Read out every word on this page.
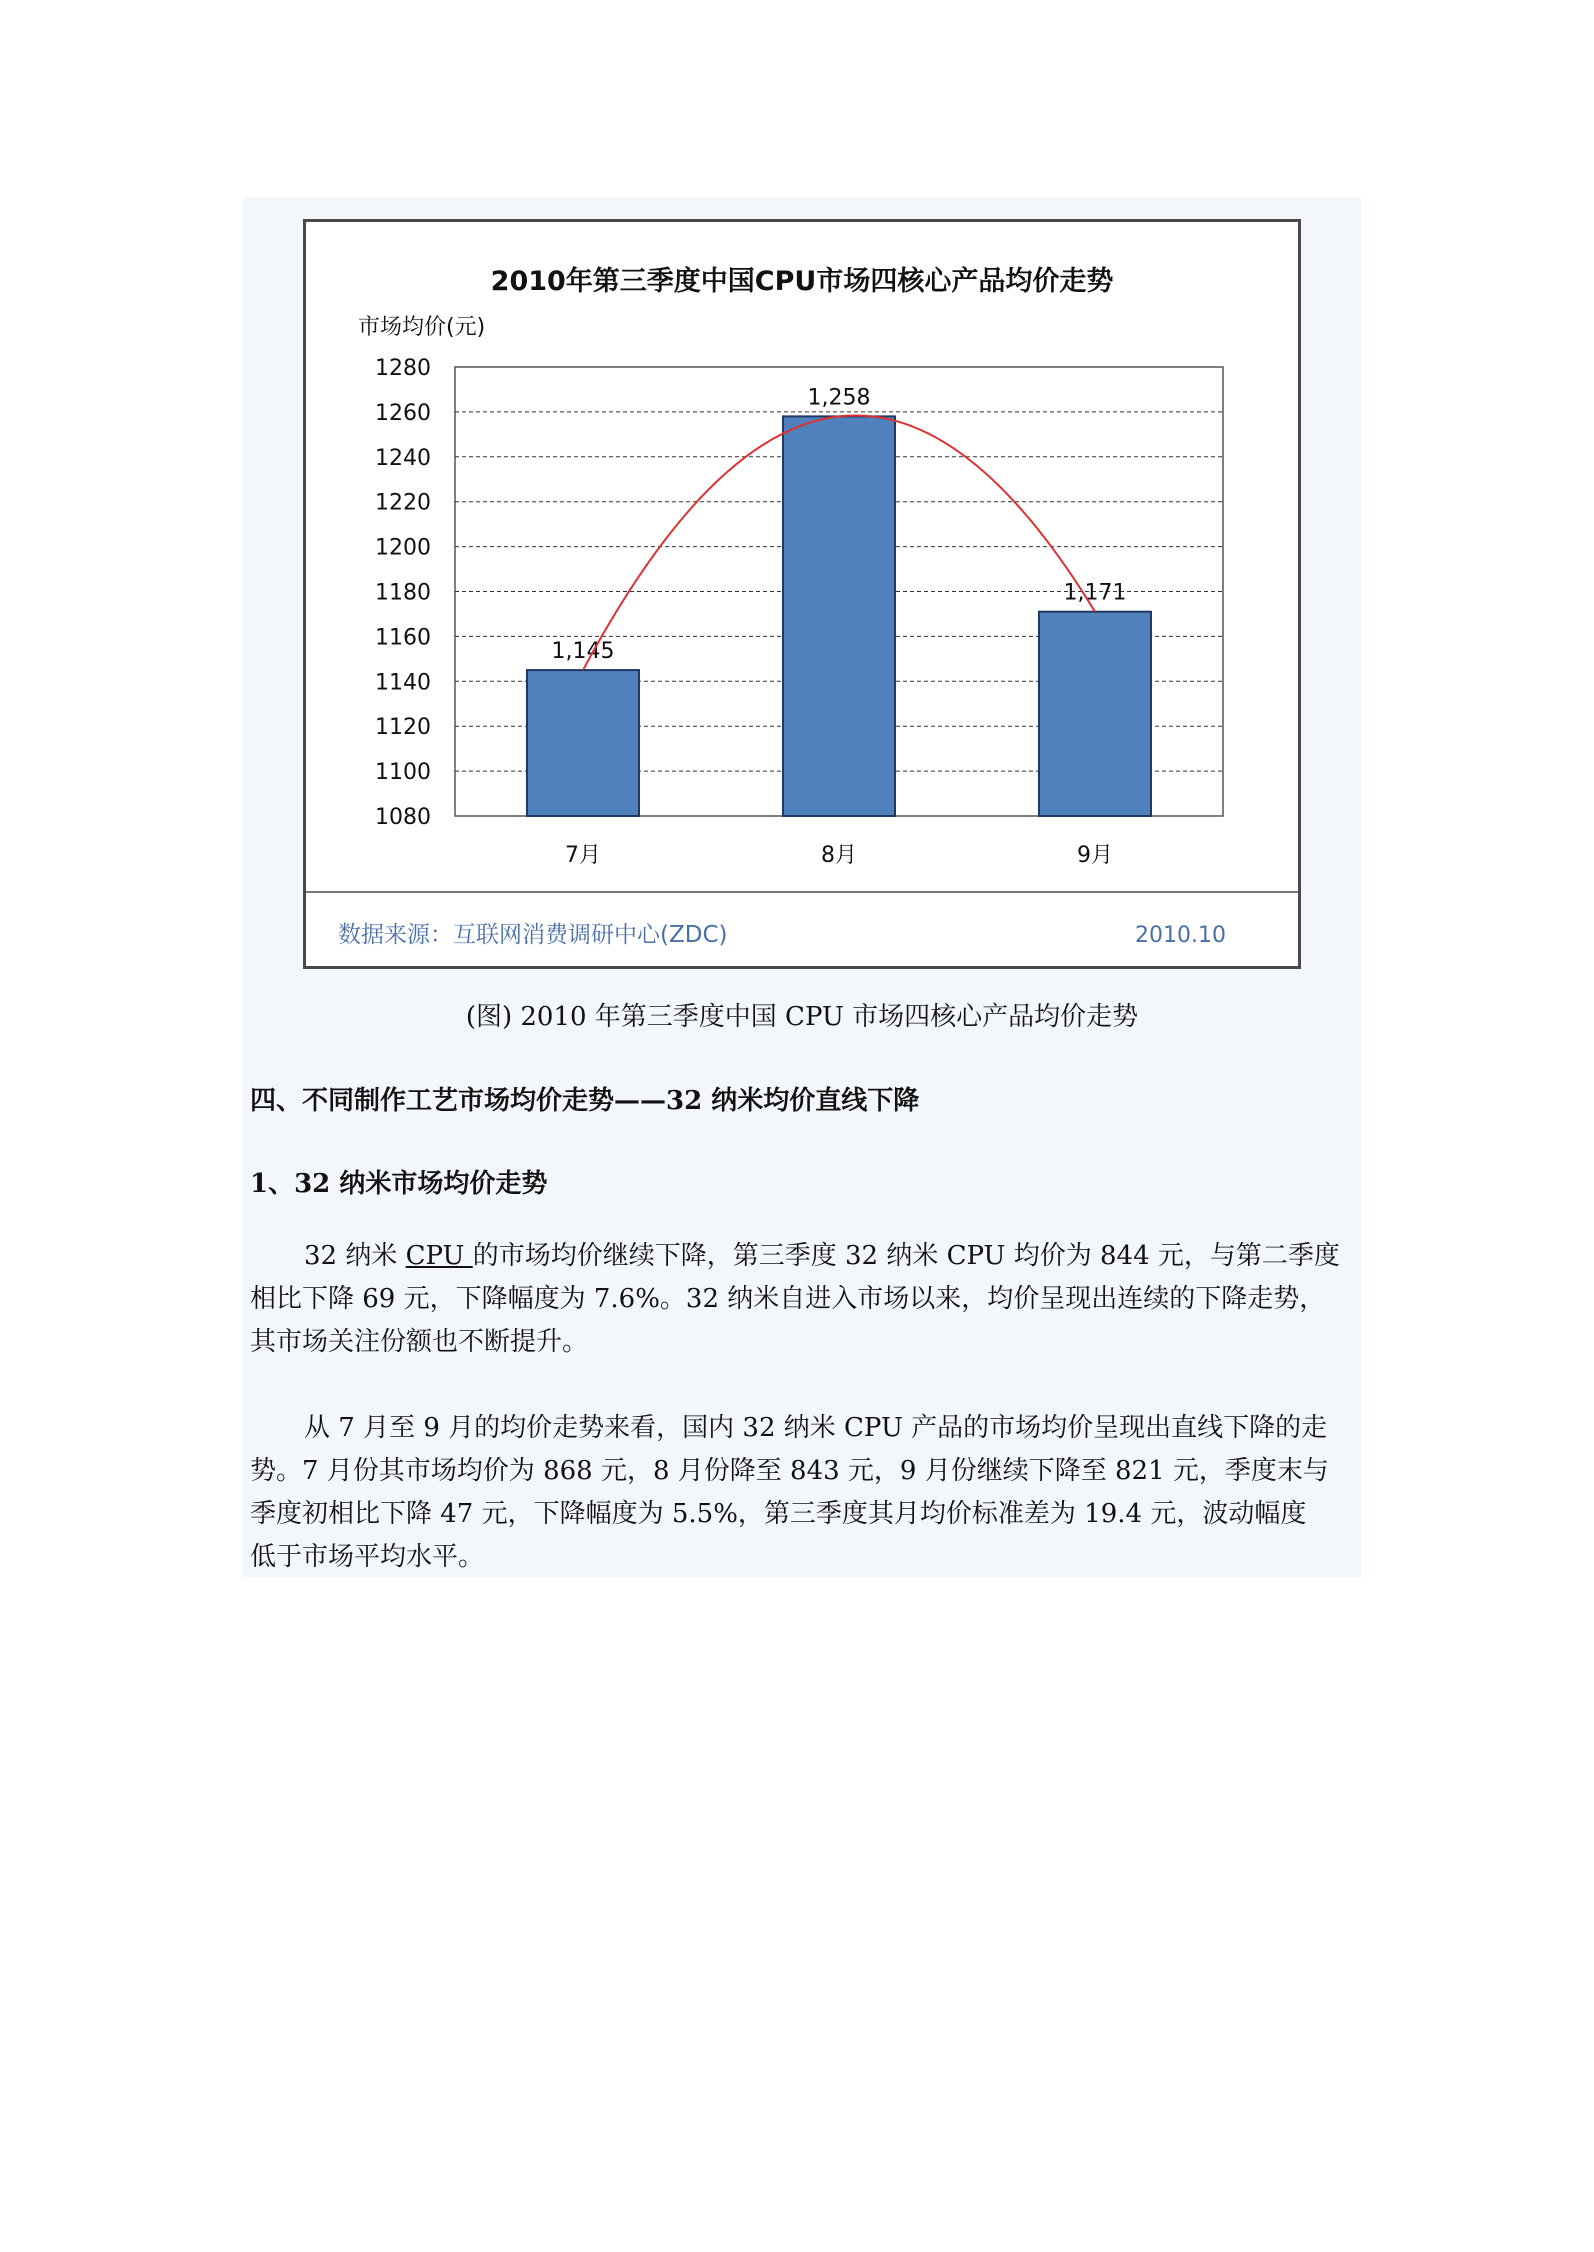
2010年第三季度中国CPU市场四核心产品均价走势
市场均价(元)
1080
1100
1120
1140
1160
1180
1200
1220
1240
1260
1280
1,145
7月
1,258
8月
1,171
9月
数据来源：互联网消费调研中心(ZDC)	2010.10
(图) 2010 年第三季度中国 CPU 市场四核心产品均价走势
四、不同制作工艺市场均价走势——32 纳米均价直线下降
1、32 纳米市场均价走势
32 纳米 CPU 的市场均价继续下降，第三季度 32 纳米 CPU 均价为 844 元，与第二季度
相比下降 69 元，下降幅度为 7.6%。32 纳米自进入市场以来，均价呈现出连续的下降走势，
其市场关注份额也不断提升。
从 7 月至 9 月的均价走势来看，国内 32 纳米 CPU 产品的市场均价呈现出直线下降的走
势。7 月份其市场均价为 868 元，8 月份降至 843 元，9 月份继续下降至 821 元，季度末与
季度初相比下降 47 元，下降幅度为 5.5%，第三季度其月均价标准差为 19.4 元，波动幅度
低于市场平均水平。
